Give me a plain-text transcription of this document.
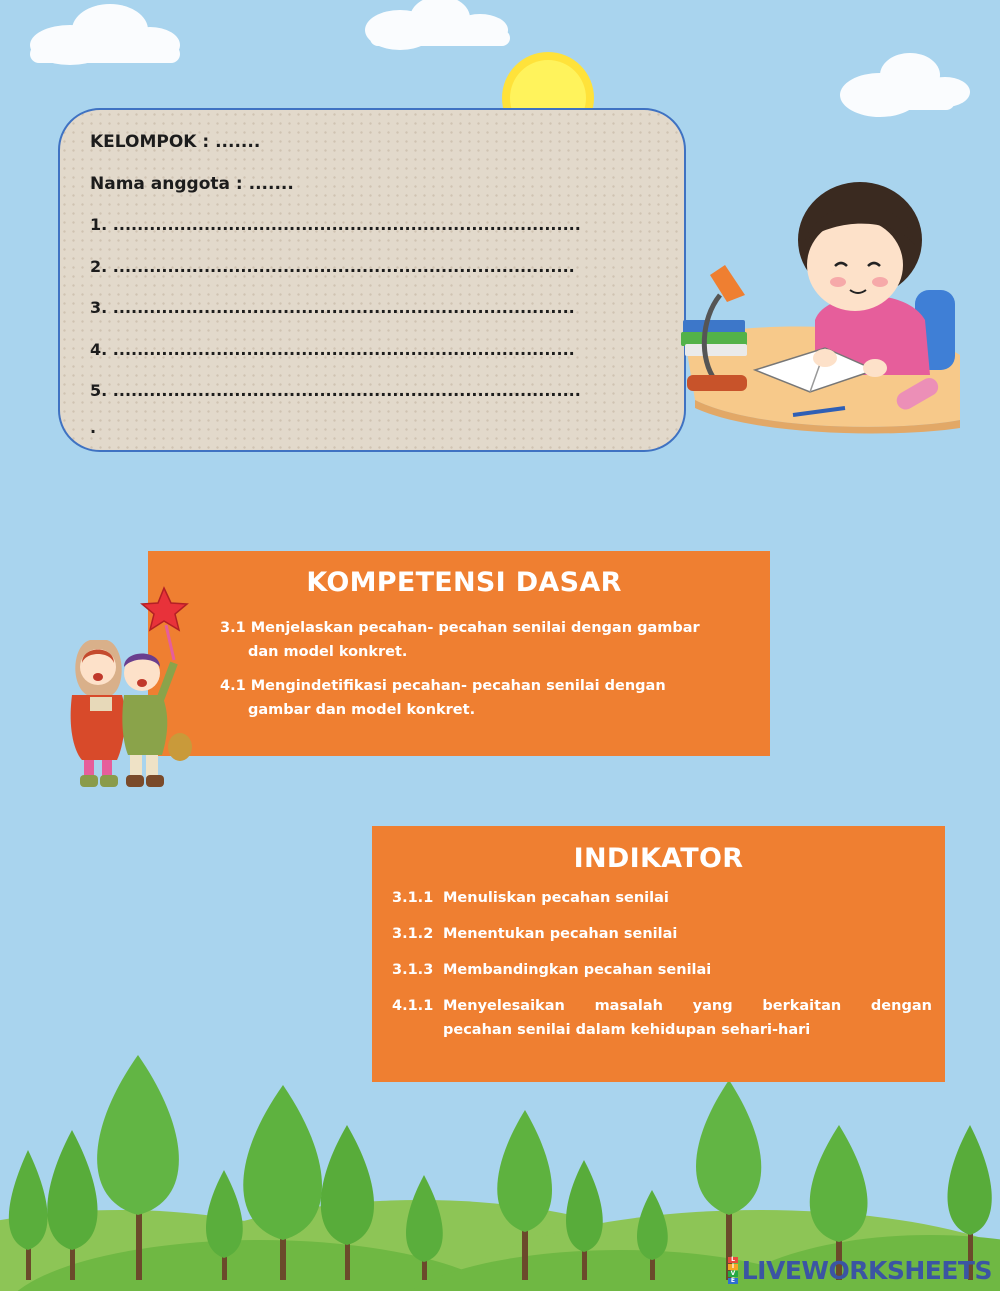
KELOMPOK : .......
Nama anggota : .......
1. .............................................................................
2. ............................................................................
3. ............................................................................
4. ............................................................................
5. .............................................................................
.
KOMPETENSI DASAR
3.1 Menjelaskan pecahan- pecahan senilai dengan gambar
dan model konkret.
4.1 Mengindetifikasi pecahan- pecahan senilai dengan
gambar dan model konkret.
INDIKATOR
3.1.1 Menuliskan pecahan senilai
3.1.2 Menentukan pecahan senilai
3.1.3 Membandingkan pecahan senilai
4.1.1 Menyelesaikan masalah yang berkaitan dengan
pecahan senilai dalam kehidupan sehari-hari
L
I
V
E LIVEWORKSHEETS
